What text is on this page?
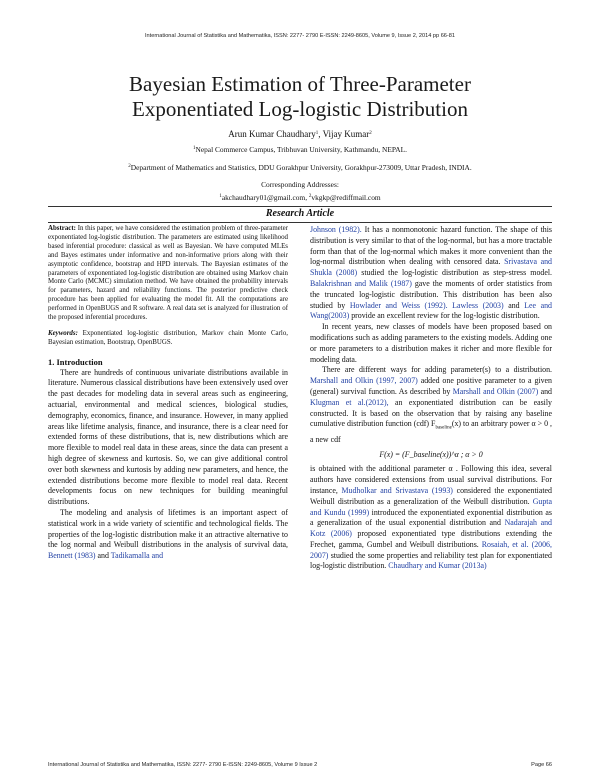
International Journal of Statistika and Mathematika, ISSN: 2277- 2790 E-ISSN: 2249-8605, Volume 9, Issue 2, 2014 pp 66-81
Bayesian Estimation of Three-Parameter
Exponentiated Log-logistic Distribution
Arun Kumar Chaudhary$^1$, Vijay Kumar$^2$
$^1$Nepal Commerce Campus, Tribhuvan University, Kathmandu, NEPAL.
$^2$Department of Mathematics and Statistics, DDU Gorakhpur University, Gorakhpur-273009, Uttar Pradesh, INDIA.
Corresponding Addresses:
$^1$akchaudhary01@gmail.com, $^2$vkgkp@rediffmail.com
Research Article

Abstract: In this paper, we have considered the estimation problem of three-parameter exponentiated log-logistic distribution. The parameters are estimated using likelihood based inferential procedure: classical as well as Bayesian. We have computed MLEs and Bayes estimates under informative and non-informative priors along with their asymptotic confidence, bootstrap and HPD intervals. The Bayesian estimates of the parameters of exponentiated log-logistic distribution are obtained using Markov chain Monte Carlo (MCMC) simulation method. We have obtained the probability intervals for parameters, hazard and reliability functions. The posterior predictive check procedure has been applied for evaluating the model fit. All the computations are performed in OpenBUGS and R software. A real data set is analyzed for illustration of the proposed inferential procedures.

Keywords: Exponentiated log-logistic distribution, Markov chain Monte Carlo, Bayesian estimation, Bootstrap, OpenBUGS.

1. Introduction

There are hundreds of continuous univariate distributions available in literature. Numerous classical distributions have been extensively used over the past decades for modeling data in several areas such as engineering, actuarial, environmental and medical sciences, biological studies, demography, economics, finance, and insurance. However, in many applied areas like lifetime analysis, finance, and insurance, there is a clear need for extended forms of these distributions, that is, new distributions which are more flexible to model real data in these areas, since the data can present a high degree of skewness and kurtosis. So, we can give additional control over both skewness and kurtosis by adding new parameters, and hence, the extended distributions become more flexible to model real data. Recent developments focus on new techniques for building meaningful distributions.

The modeling and analysis of lifetimes is an important aspect of statistical work in a wide variety of scientific and technological fields. The properties of the log-logistic distribution make it an attractive alternative to the log normal and Weibull distributions in the analysis of survival data, Bennett (1983) and Tadikamalla and

Johnson (1982). It has a nonmonotonic hazard function. The shape of this distribution is very similar to that of the log-normal, but has a more tractable form than that of the log-normal which makes it more convenient than the log-normal distribution when dealing with censored data. Srivastava and Shukla (2008) studied the log-logistic distribution as step-stress model. Balakrishnan and Malik (1987) gave the moments of order statistics from the truncated log-logistic distribution. This distribution has been also studied by Howlader and Weiss (1992). Lawless (2003) and Lee and Wang(2003) provide an excellent review for the log-logistic distribution.

In recent years, new classes of models have been proposed based on modifications such as adding parameters to the existing models. Adding one or more parameters to a distribution makes it richer and more flexible for modeling data.

There are different ways for adding parameter(s) to a distribution. Marshall and Olkin (1997, 2007) added one positive parameter to a given (general) survival function. As described by Marshall and Olkin (2007) and Klugman et al.(2012), an exponentiated distribution can be easily constructed. It is based on the observation that by raising any baseline cumulative distribution function (cdf) $F_{baseline}(x)$ to an arbitrary power α > 0 , a new cdf

F(x) = (F_baseline(x))^α ; α > 0

is obtained with the additional parameter α . Following this idea, several authors have considered extensions from usual survival distributions. For instance, Mudholkar and Srivastava (1993) considered the exponentiated Weibull distribution as a generalization of the Weibull distribution. Gupta and Kundu (1999) introduced the exponentiated exponential distribution as a generalization of the usual exponential distribution and Nadarajah and Kotz (2006) proposed exponentiated type distributions extending the Frechet, gamma, Gumbel and Weibull distributions. Rosaiah, et al. (2006, 2007) studied the some properties and reliability test plan for exponentiated log-logistic distribution. Chaudhary and Kumar (2013a)

International Journal of Statistika and Mathematika, ISSN: 2277- 2790 E-ISSN: 2249-8605, Volume 9 Issue 2	Page 66
